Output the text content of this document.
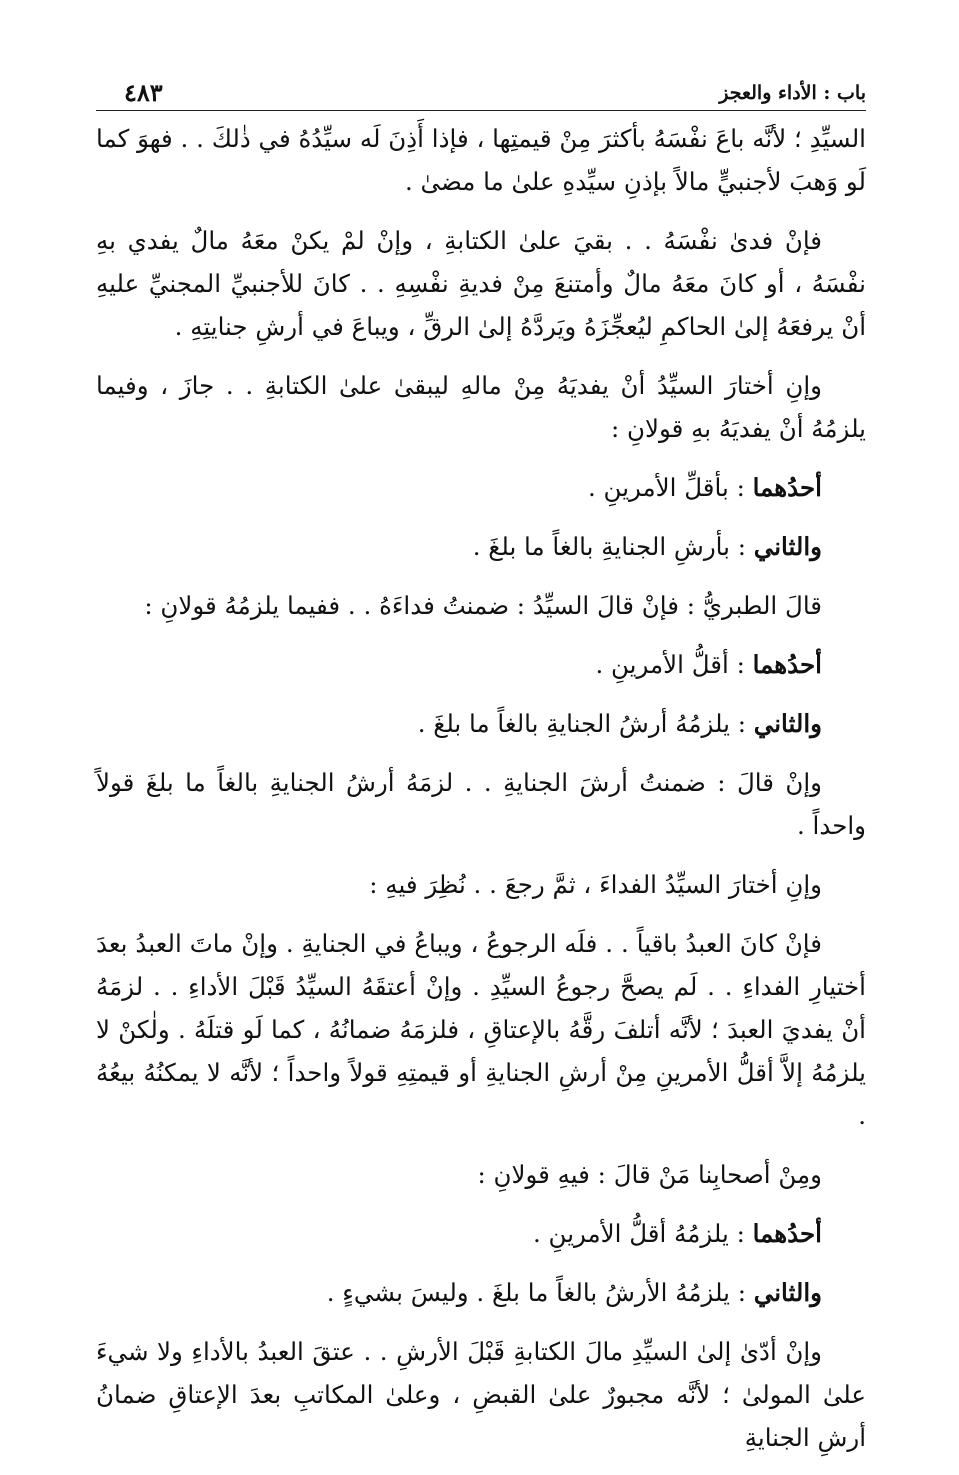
باب : الأداء والعجز
٤٨٣

السيِّدِ ؛ لأنَّه باعَ نفْسَهُ بأكثرَ مِنْ قيمتِها ، فإذا أَذِنَ لَه سيِّدُهُ في ذٰلكَ . . فهوَ كما لَو وَهبَ لأجنبيٍّ مالاً بإذنِ سيِّدهِ علىٰ ما مضىٰ .

فإنْ فدىٰ نفْسَهُ . . بقيَ علىٰ الكتابةِ ، وإنْ لمْ يكنْ معَهُ مالٌ يفدي بهِ نفْسَهُ ، أو كانَ معَهُ مالٌ وأمتنعَ مِنْ فديةِ نفْسِهِ . . كانَ للأجنبيِّ المجنيِّ عليهِ أنْ يرفعَهُ إلىٰ الحاكمِ ليُعجِّزَهُ ويَردَّهُ إلىٰ الرقِّ ، ويباعَ في أرشِ جنايتِهِ .

وإنِ أختارَ السيِّدُ أنْ يفديَهُ مِنْ مالهِ ليبقىٰ علىٰ الكتابةِ . . جازَ ، وفيما يلزمُهُ أنْ يفديَهُ بهِ قولانِ :

أحدُهما : بأقلِّ الأمرينِ .

والثاني : بأرشِ الجنايةِ بالغاً ما بلغَ .

قالَ الطبريُّ : فإنْ قالَ السيِّدُ : ضمنتُ فداءَهُ . . ففيما يلزمُهُ قولانِ :

أحدُهما : أقلُّ الأمرينِ .

والثاني : يلزمُهُ أرشُ الجنايةِ بالغاً ما بلغَ .

وإنْ قالَ : ضمنتُ أرشَ الجنايةِ . . لزمَهُ أرشُ الجنايةِ بالغاً ما بلغَ قولاً واحداً .

وإنِ أختارَ السيِّدُ الفداءَ ، ثمَّ رجعَ . . نُظِرَ فيهِ :

فإنْ كانَ العبدُ باقياً . . فلَه الرجوعُ ، ويباعُ في الجنايةِ . وإنْ ماتَ العبدُ بعدَ أختيارِ الفداءِ . . لَم يصحَّ رجوعُ السيِّدِ . وإنْ أعتقَهُ السيِّدُ قَبْلَ الأداءِ . . لزمَهُ أنْ يفديَ العبدَ ؛ لأنَّه أتلفَ رقَّهُ بالإعتاقِ ، فلزمَهُ ضمانُهُ ، كما لَو قتلَهُ . ولٰكنْ لا يلزمُهُ إلاَّ أقلُّ الأمرينِ مِنْ أرشِ الجنايةِ أو قيمتِهِ قولاً واحداً ؛ لأنَّه لا يمكنُهُ بيعُهُ .

ومِنْ أصحابِنا مَنْ قالَ : فيهِ قولانِ :

أحدُهما : يلزمُهُ أقلُّ الأمرينِ .

والثاني : يلزمُهُ الأرشُ بالغاً ما بلغَ . وليسَ بشيءٍ .

وإنْ أدّىٰ إلىٰ السيِّدِ مالَ الكتابةِ قَبْلَ الأرشِ . . عتقَ العبدُ بالأداءِ ولا شيءَ علىٰ المولىٰ ؛ لأنَّه مجبورٌ علىٰ القبضِ ، وعلىٰ المكاتبِ بعدَ الإعتاقِ ضمانُ أرشِ الجنايةِ
